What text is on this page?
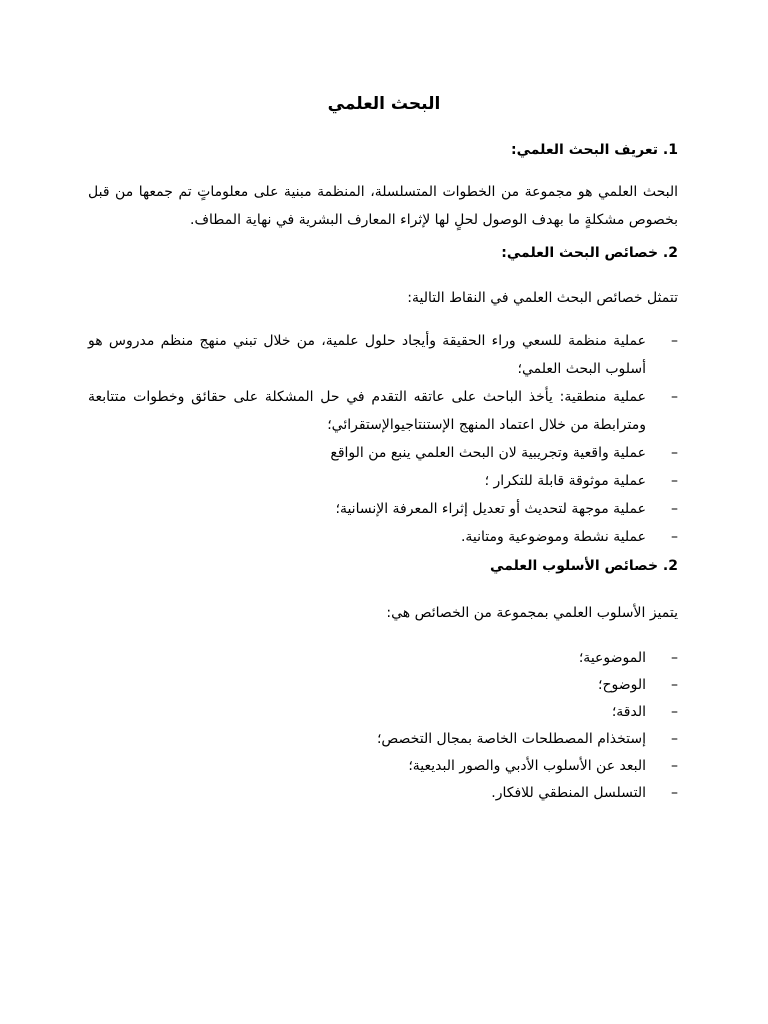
البحث العلمي
1. تعريف البحث العلمي:
البحث العلمي هو مجموعة من الخطوات المتسلسلة، المنظمة مبنية على معلوماتٍ تم جمعها من قبل بخصوص مشكلةٍ ما بهدف الوصول لحلٍ لها لإثراء المعارف البشرية في نهاية المطاف.
2. خصائص البحث العلمي:
تتمثل خصائص البحث العلمي في النقاط التالية:
–
عملية منظمة للسعي وراء الحقيقة وأيجاد حلول علمية، من خلال تبني منهج منظم مدروس هو أسلوب البحث العلمي؛
–
عملية منطقية: يأخذ الباحث على عاتقه التقدم في حل المشكلة على حقائق وخطوات متتابعة ومترابطة من خلال اعتماد المنهج الإستنتاجيوالإستقرائي؛
–
عملية واقعية وتجريبية لان البحث العلمي ينبع من الواقع
–
عملية موثوقة قابلة للتكرار ؛
–
عملية موجهة لتحديث أو تعديل إثراء المعرفة الإنسانية؛
–
عملية نشطة وموضوعية ومتانية.
2. خصائص الأسلوب العلمي
يتميز الأسلوب العلمي بمجموعة من الخصائص هي:
–
الموضوعية؛
–
الوضوح؛
–
الدقة؛
–
إستخذام المصطلحات الخاصة بمجال التخصص؛
–
البعد عن الأسلوب الأدبي والصور البديعية؛
–
التسلسل المنطقي للافكار.
